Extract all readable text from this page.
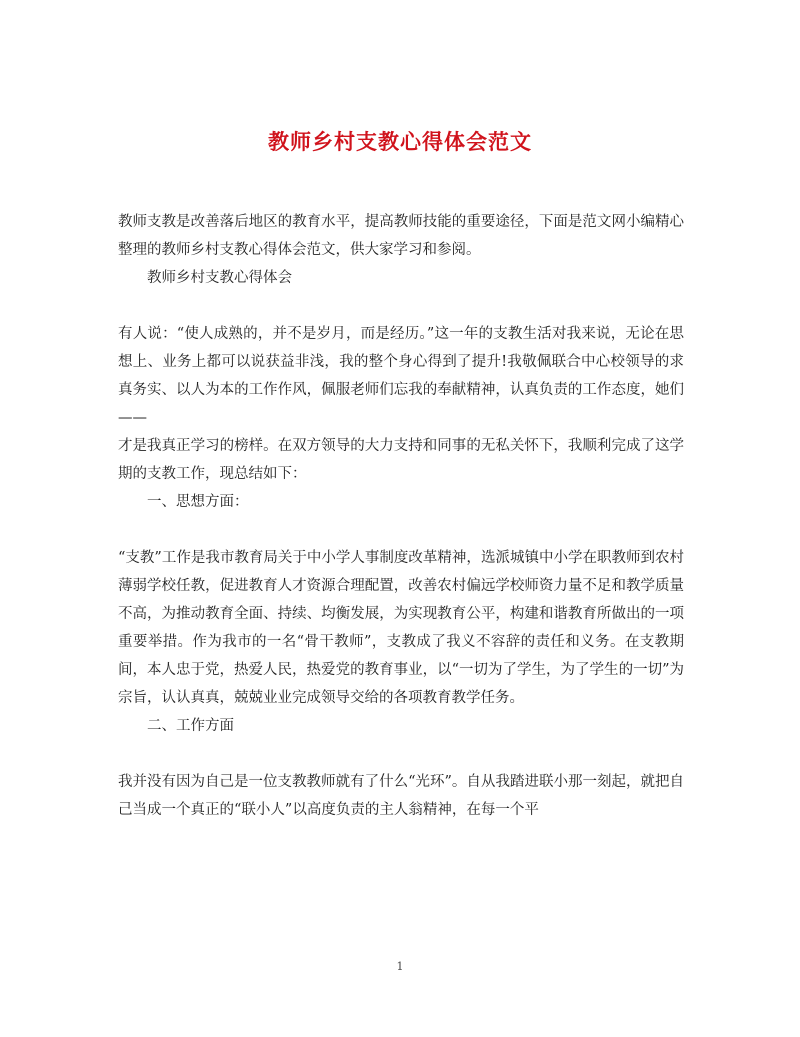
教师乡村支教心得体会范文

教师支教是改善落后地区的教育水平，提高教师技能的重要途径，下面是范文网小编精心整理的教师乡村支教心得体会范文，供大家学习和参阅。

教师乡村支教心得体会

有人说：“使人成熟的，并不是岁月，而是经历。”这一年的支教生活对我来说，无论在思想上、业务上都可以说获益非浅，我的整个身心得到了提升!我敬佩联合中心校领导的求真务实、以人为本的工作作风，佩服老师们忘我的奉献精神，认真负责的工作态度，她们——

才是我真正学习的榜样。在双方领导的大力支持和同事的无私关怀下，我顺利完成了这学期的支教工作，现总结如下：

一、思想方面：

“支教”工作是我市教育局关于中小学人事制度改革精神，选派城镇中小学在职教师到农村薄弱学校任教，促进教育人才资源合理配置，改善农村偏远学校师资力量不足和教学质量不高，为推动教育全面、持续、均衡发展，为实现教育公平，构建和谐教育所做出的一项重要举措。作为我市的一名“骨干教师”，支教成了我义不容辞的责任和义务。在支教期间，本人忠于党，热爱人民，热爱党的教育事业，以“一切为了学生，为了学生的一切”为宗旨，认认真真，兢兢业业完成领导交给的各项教育教学任务。

二、工作方面

我并没有因为自己是一位支教教师就有了什么“光环”。自从我踏进联小那一刻起，就把自己当成一个真正的“联小人”以高度负责的主人翁精神，在每一个平

1
